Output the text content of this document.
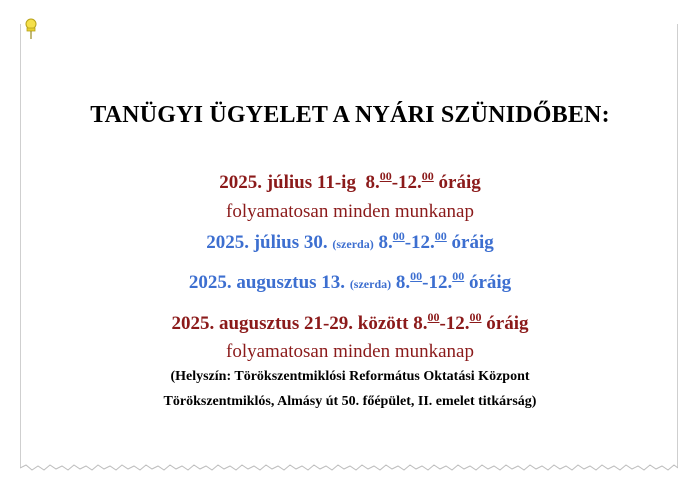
TANÜGYI ÜGYELET A NYÁRI SZÜNIDŐBEN:
2025. július 11-ig 8.00-12.00 óráig
folyamatosan minden munkanap
2025. július 30. (szerda) 8.00-12.00 óráig
2025. augusztus 13. (szerda) 8.00-12.00 óráig
2025. augusztus 21-29. között 8.00-12.00 óráig
folyamatosan minden munkanap
(Helyszín: Törökszentmiklósi Református Oktatási Központ
Törökszentmiklós, Almásy út 50. főépület, II. emelet titkárság)
